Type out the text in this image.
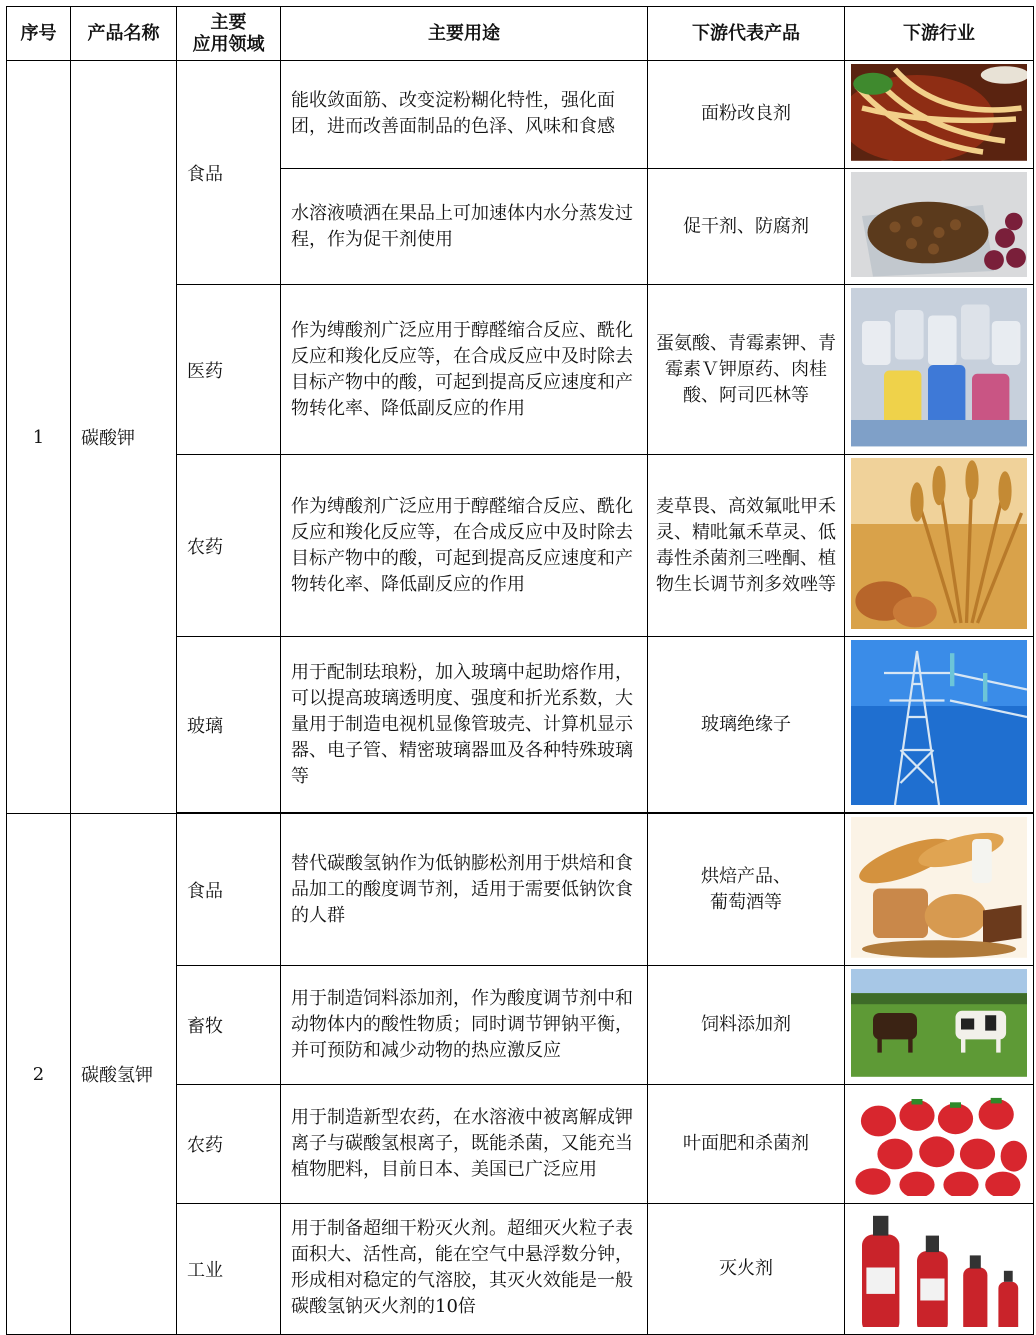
序号	产品名称	主要
应用领域	主要用途	下游代表产品	下游行业
1	碳酸钾	食品	能收敛面筋、改变淀粉糊化特性，强化面团，进而改善面制品的色泽、风味和食感	面粉改良剂	
			水溶液喷洒在果品上可加速体内水分蒸发过程，作为促干剂使用	促干剂、防腐剂	
		医药	作为缚酸剂广泛应用于醇醛缩合反应、酰化反应和羧化反应等，在合成反应中及时除去目标产物中的酸，可起到提高反应速度和产物转化率、降低副反应的作用	蛋氨酸、青霉素钾、青霉素Ｖ钾原药、肉桂酸、阿司匹林等	
		农药	作为缚酸剂广泛应用于醇醛缩合反应、酰化反应和羧化反应等，在合成反应中及时除去目标产物中的酸，可起到提高反应速度和产物转化率、降低副反应的作用	麦草畏、高效氟吡甲禾灵、精吡氟禾草灵、低毒性杀菌剂三唑酮、植物生长调节剂多效唑等	
		玻璃	用于配制珐琅粉，加入玻璃中起助熔作用，可以提高玻璃透明度、强度和折光系数，大量用于制造电视机显像管玻壳、计算机显示器、电子管、精密玻璃器皿及各种特殊玻璃等	玻璃绝缘子	

2	碳酸氢钾	食品	替代碳酸氢钠作为低钠膨松剂用于烘焙和食品加工的酸度调节剂，适用于需要低钠饮食的人群	烘焙产品、
葡萄酒等	
		畜牧	用于制造饲料添加剂，作为酸度调节剂中和动物体内的酸性物质；同时调节钾钠平衡，并可预防和减少动物的热应激反应	饲料添加剂	
		农药	用于制造新型农药，在水溶液中被离解成钾离子与碳酸氢根离子，既能杀菌，又能充当植物肥料，目前日本、美国已广泛应用	叶面肥和杀菌剂	
		工业	用于制备超细干粉灭火剂。超细灭火粒子表面积大、活性高，能在空气中悬浮数分钟，形成相对稳定的气溶胶，其灭火效能是一般碳酸氢钠灭火剂的10倍	灭火剂	
